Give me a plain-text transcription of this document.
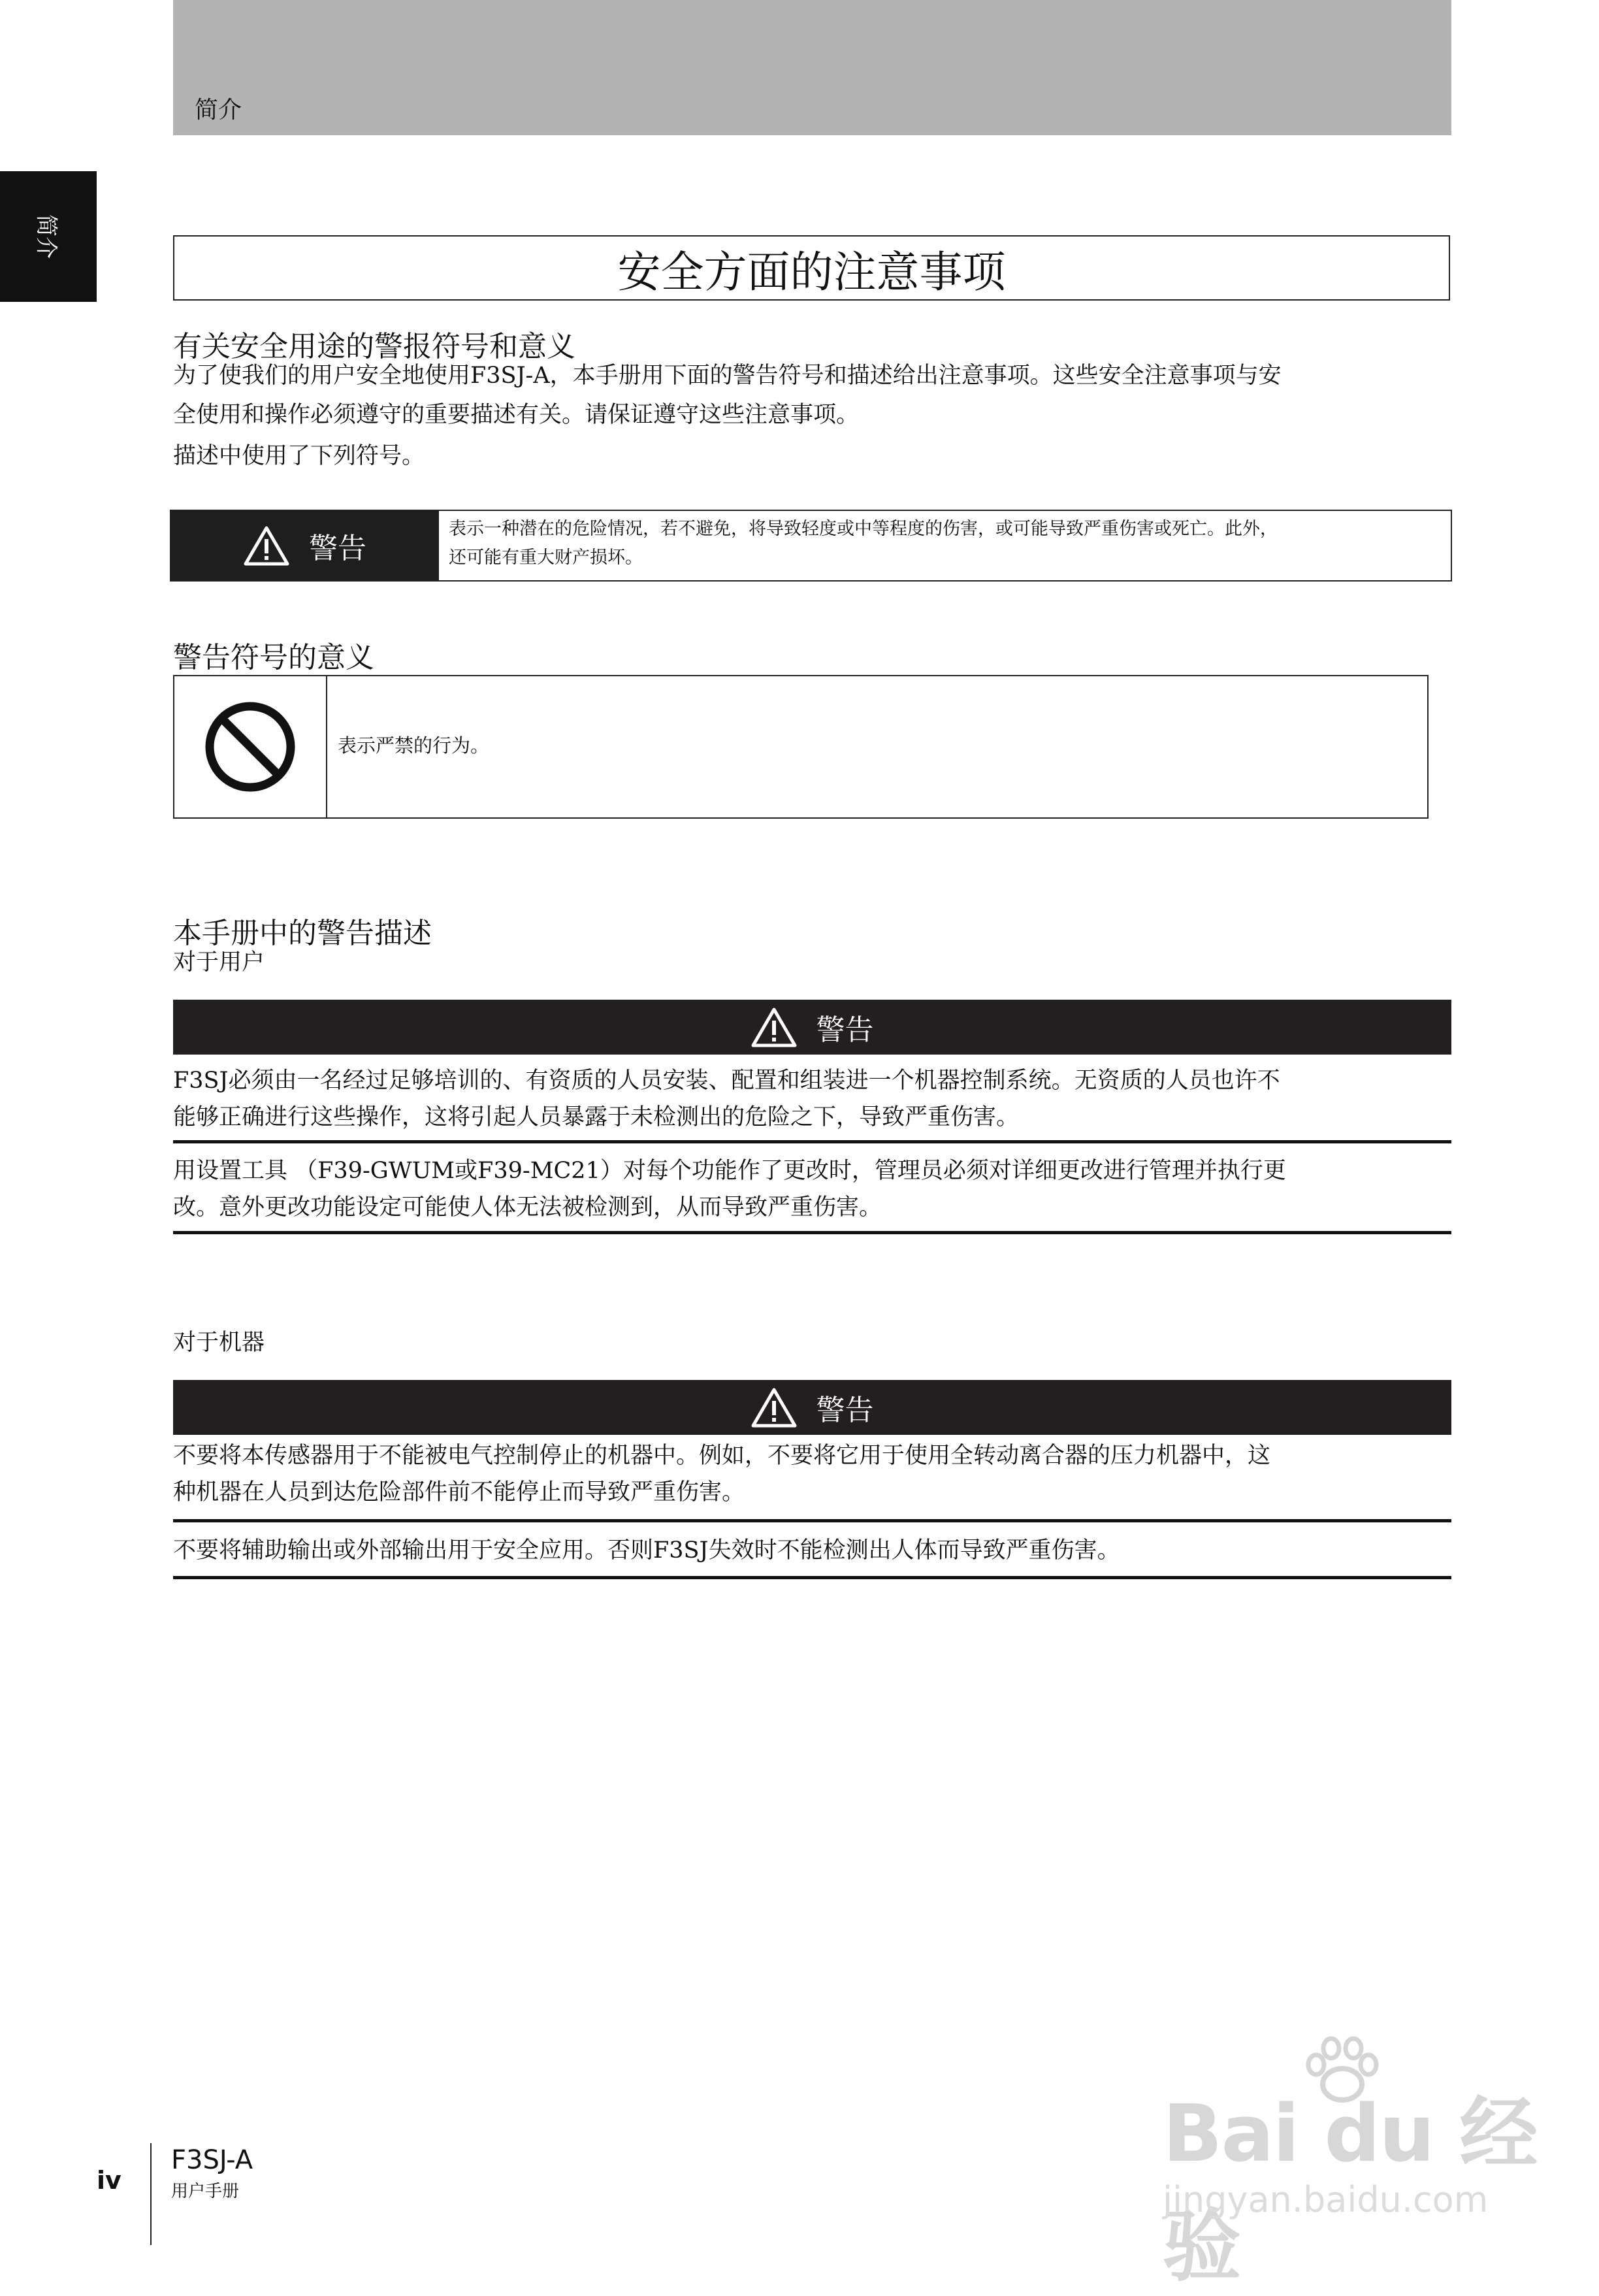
简介
简介
安全方面的注意事项
有关安全用途的警报符号和意义
为了使我们的用户安全地使用F3SJ-A，本手册用下面的警告符号和描述给出注意事项。这些安全注意事项与安
全使用和操作必须遵守的重要描述有关。请保证遵守这些注意事项。
描述中使用了下列符号。
警告
表示一种潜在的危险情况，若不避免，将导致轻度或中等程度的伤害，或可能导致严重伤害或死亡。此外，
还可能有重大财产损坏。
警告符号的意义
表示严禁的行为。
本手册中的警告描述
对于用户
警告
F3SJ必须由一名经过足够培训的、有资质的人员安装、配置和组装进一个机器控制系统。无资质的人员也许不
能够正确进行这些操作，这将引起人员暴露于未检测出的危险之下，导致严重伤害。
用设置工具 （F39-GWUM或F39-MC21）对每个功能作了更改时，管理员必须对详细更改进行管理并执行更
改。意外更改功能设定可能使人体无法被检测到，从而导致严重伤害。
对于机器
警告
不要将本传感器用于不能被电气控制停止的机器中。例如，不要将它用于使用全转动离合器的压力机器中，这
种机器在人员到达危险部件前不能停止而导致严重伤害。
不要将辅助输出或外部输出用于安全应用。否则F3SJ失效时不能检测出人体而导致严重伤害。
iv
F3SJ-A
用户手册
Bai du 经验
jingyan.baidu.com
